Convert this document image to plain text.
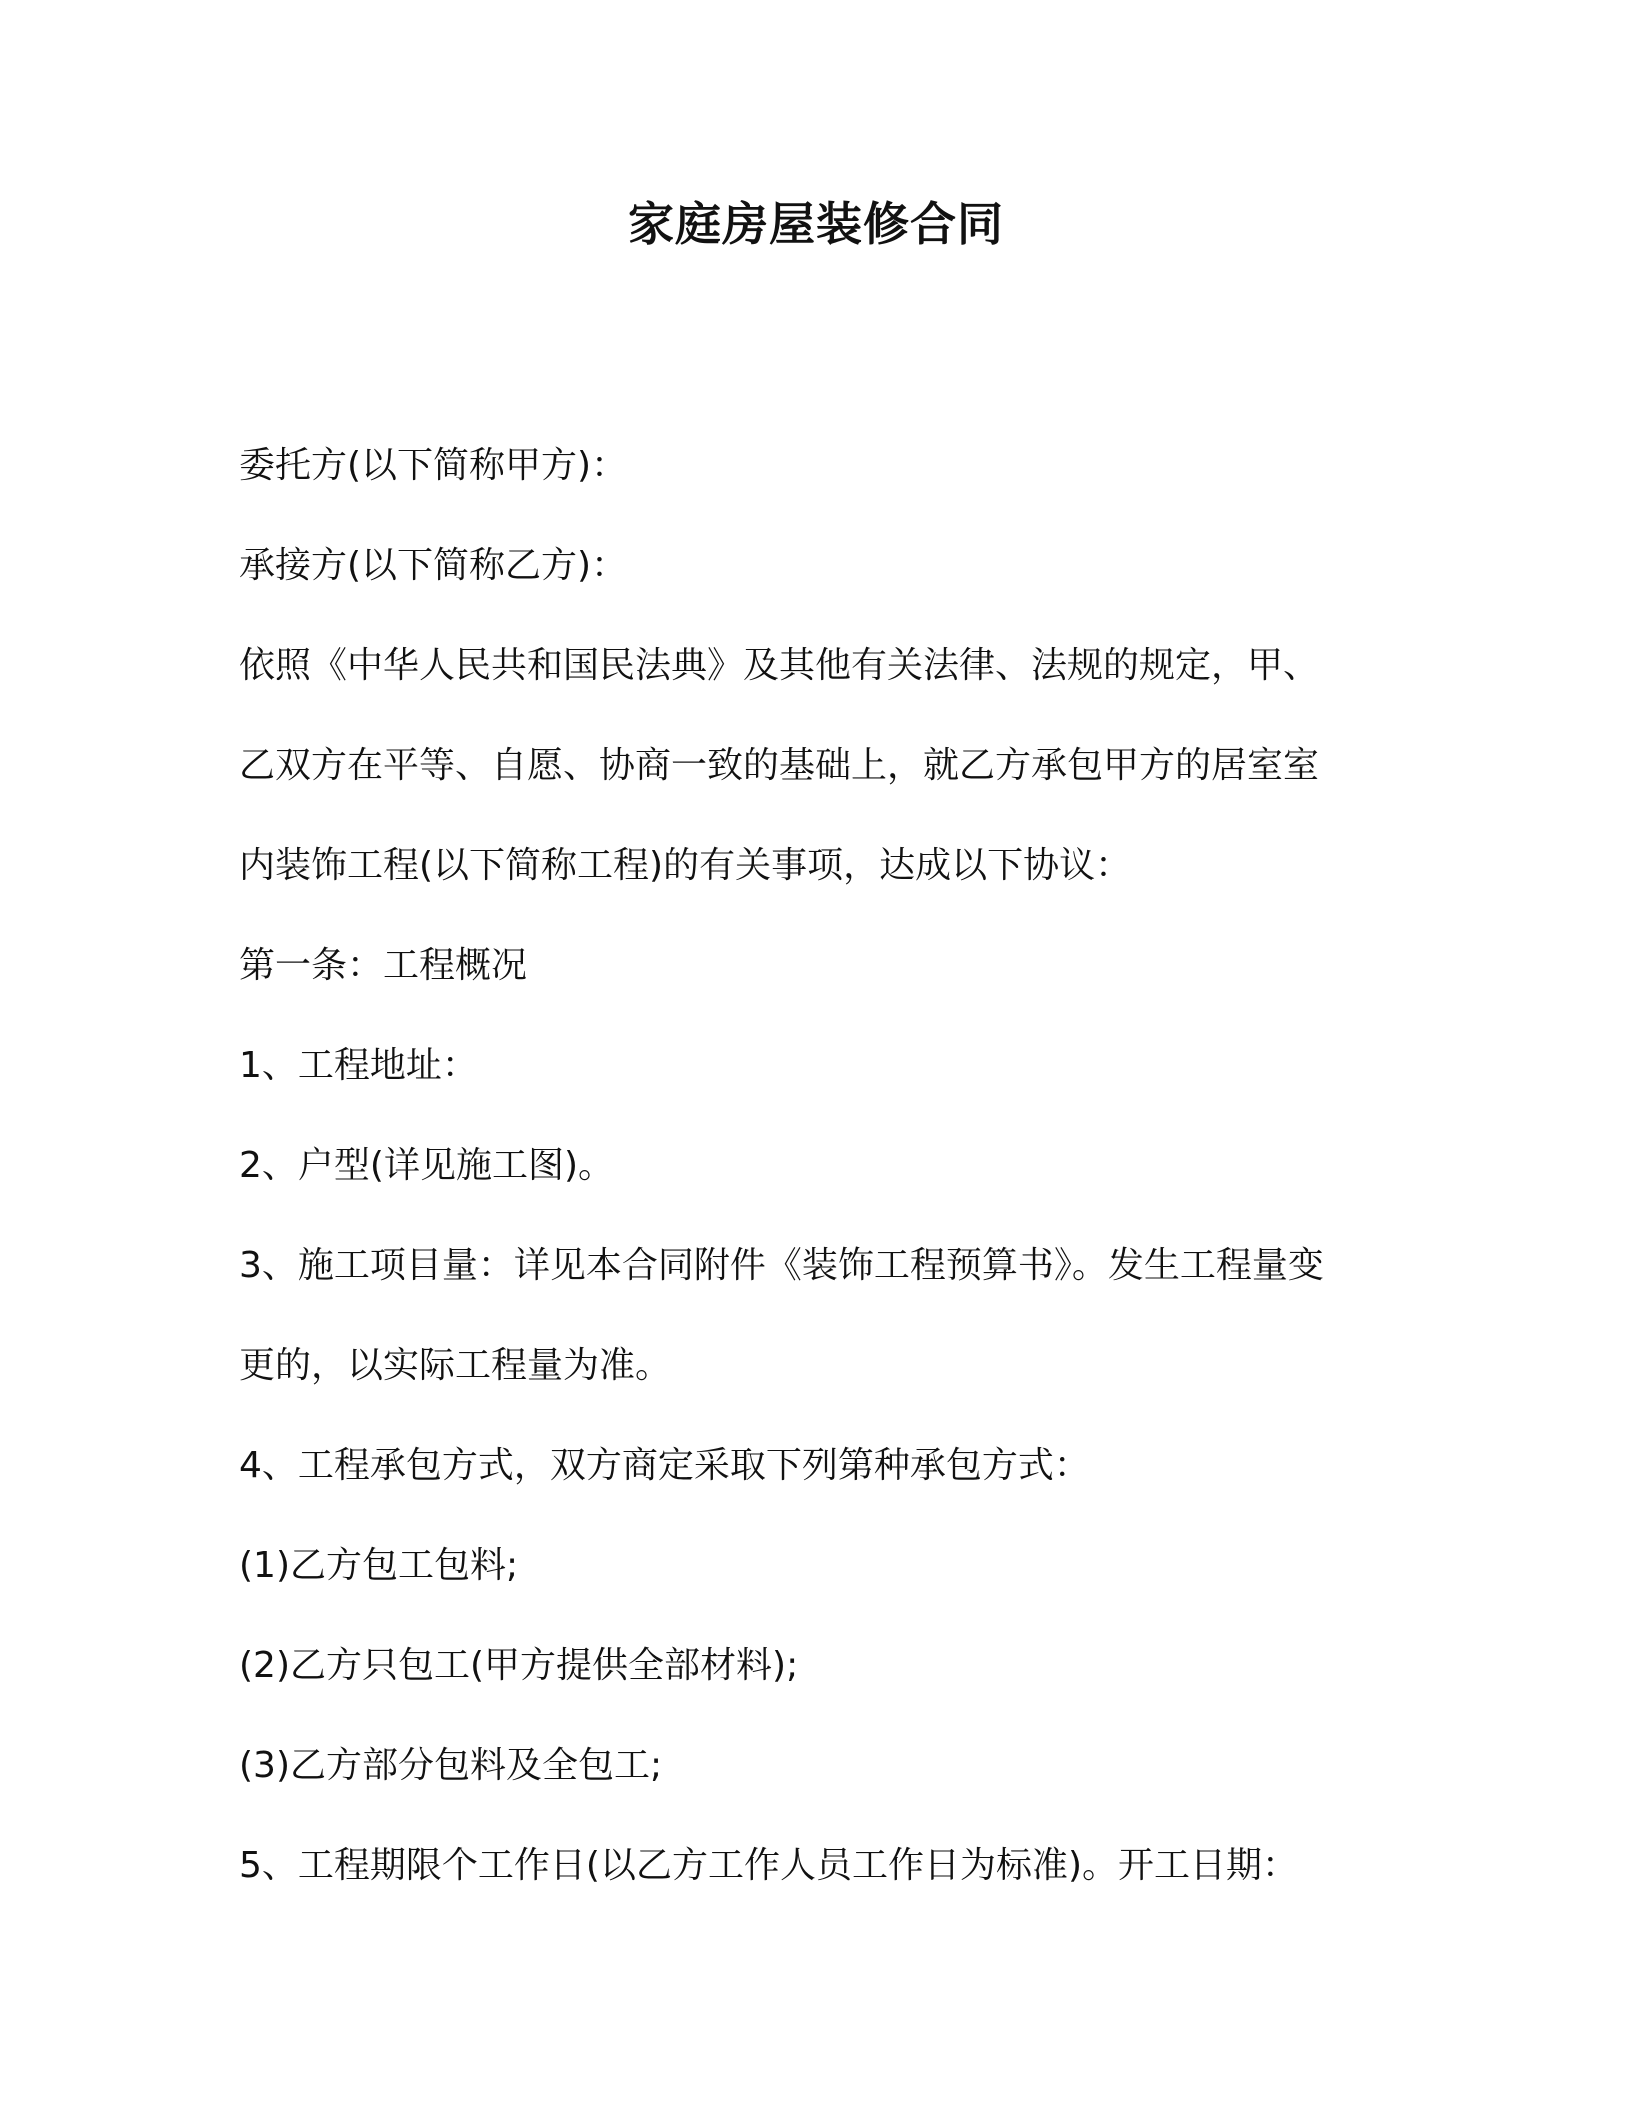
家庭房屋装修合同

委托方(以下简称甲方)：

承接方(以下简称乙方)：

依照《中华人民共和国民法典》及其他有关法律、法规的规定，甲、

乙双方在平等、自愿、协商一致的基础上，就乙方承包甲方的居室室

内装饰工程(以下简称工程)的有关事项，达成以下协议：

第一条：工程概况

1、工程地址：

2、户型(详见施工图)。

3、施工项目量：详见本合同附件《装饰工程预算书》。发生工程量变

更的，以实际工程量为准。

4、工程承包方式，双方商定采取下列第种承包方式：

(1)乙方包工包料;

(2)乙方只包工(甲方提供全部材料);

(3)乙方部分包料及全包工;

5、工程期限个工作日(以乙方工作人员工作日为标准)。开工日期：
